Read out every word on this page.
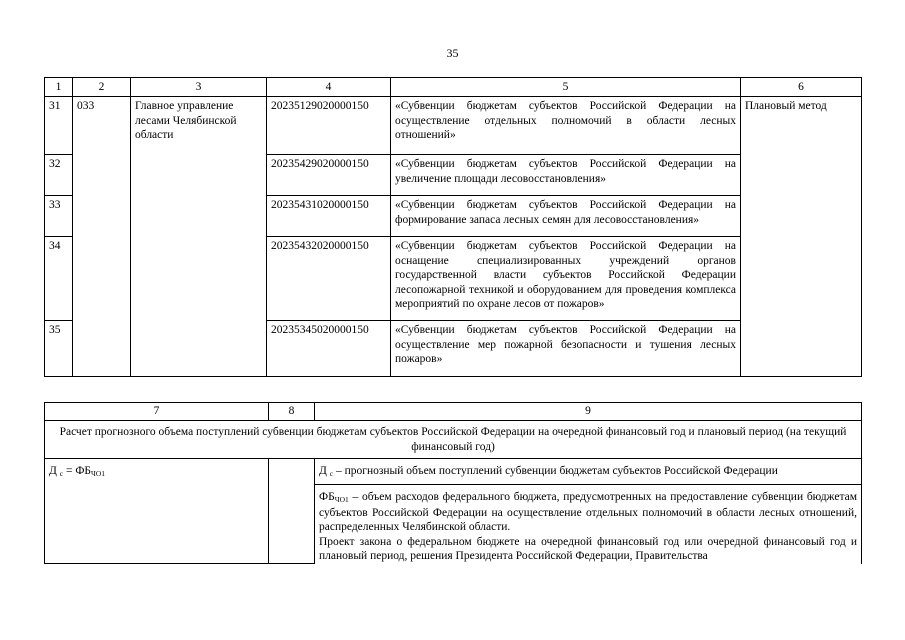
35
1	2	3	4	5	6
31	033	Главное управление лесами Челябинской области	20235129020000150	«Субвенции бюджетам субъектов Российской Федерации на осуществление отдельных полномочий в области лесных отношений»	Плановый метод
32			20235429020000150	«Субвенции бюджетам субъектов Российской Федерации на увеличение площади лесовосстановления»	
33			20235431020000150	«Субвенции бюджетам субъектов Российской Федерации на формирование запаса лесных семян для лесовосстановления»	
34			20235432020000150	«Субвенции бюджетам субъектов Российской Федерации на оснащение специализированных учреждений органов государственной власти субъектов Российской Федерации лесопожарной техникой и оборудованием для проведения комплекса мероприятий по охране лесов от пожаров»	
35			20235345020000150	«Субвенции бюджетам субъектов Российской Федерации на осуществление мер пожарной безопасности и тушения лесных пожаров»	
7	8	9
Расчет прогнозного объема поступлений субвенции бюджетам субъектов Российской Федерации на очередной финансовый год и плановый период (на текущий финансовый год)		
Д с = ФБЧО1		Д с – прогнозный объем поступлений субвенции бюджетам субъектов Российской Федерации

		ФБЧО1 – объем расходов федерального бюджета, предусмотренных на предоставление субвенции бюджетам субъектов Российской Федерации на осуществление отдельных полномочий в области лесных отношений, распределенных Челябинской области.

Проект закона о федеральном бюджете на очередной финансовый год или очередной финансовый год и плановый период, решения Президента Российской Федерации, Правительства
